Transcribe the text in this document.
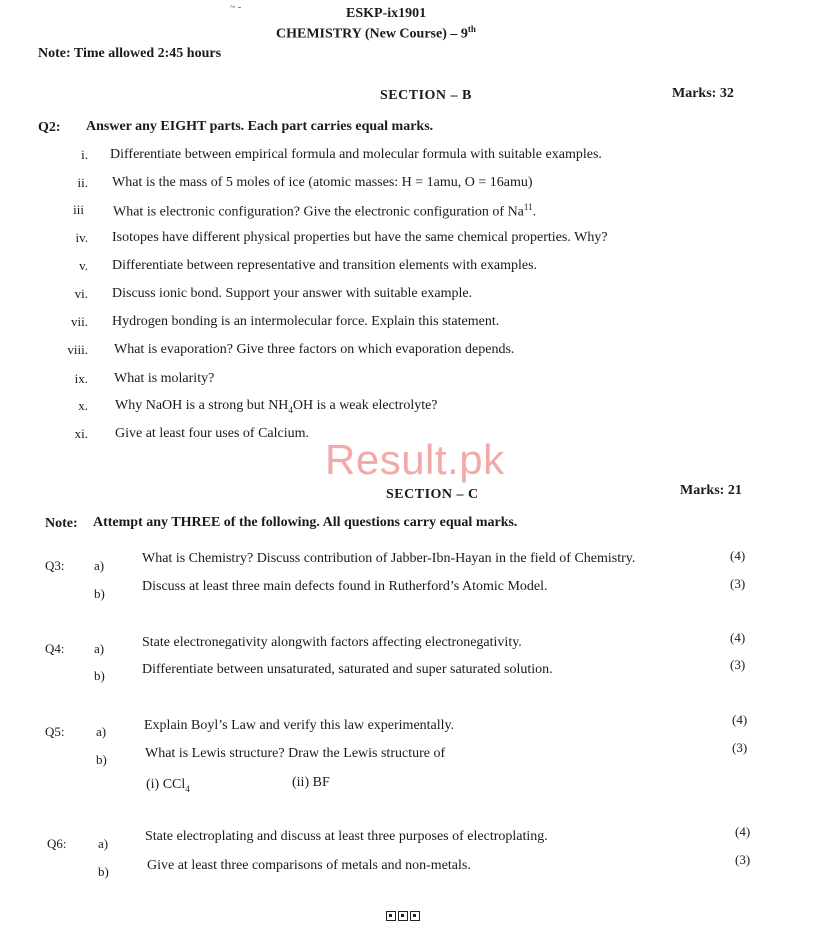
~ -	ESKP-ix1901
CHEMISTRY (New Course) – 9th
Note: Time allowed 2:45 hours
SECTION – B	Marks: 32
Q2: Answer any EIGHT parts. Each part carries equal marks.
i. Differentiate between empirical formula and molecular formula with suitable examples.
ii. What is the mass of 5 moles of ice (atomic masses: H = 1amu, O = 16amu)
iii What is electronic configuration? Give the electronic configuration of Na$^{11}$.
iv. Isotopes have different physical properties but have the same chemical properties. Why?
v. Differentiate between representative and transition elements with examples.
vi. Discuss ionic bond. Support your answer with suitable example.
vii. Hydrogen bonding is an intermolecular force. Explain this statement.
viii. What is evaporation? Give three factors on which evaporation depends.
ix. What is molarity?
x. Why NaOH is a strong but $NH_4OH$ is a weak electrolyte?
xi. Give at least four uses of Calcium.
Result.pk
SECTION – C	Marks: 21
Note: Attempt any THREE of the following. All questions carry equal marks.
Q3: a)	What is Chemistry? Discuss contribution of Jabber-Ibn-Hayan in the field of Chemistry.	(4)
b)	Discuss at least three main defects found in Rutherford’s Atomic Model.	(3)
Q4: a)	State electronegativity alongwith factors affecting electronegativity.	(4)
b)	Differentiate between unsaturated, saturated and super saturated solution.	(3)
Q5: a)	Explain Boyl’s Law and verify this law experimentally.	(4)
b)	What is Lewis structure? Draw the Lewis structure of	(3)
(i) CCl$_4$	(ii) BF
Q6: a)	State electroplating and discuss at least three purposes of electroplating.	(4)
b)	Give at least three comparisons of metals and non-metals.	(3)
